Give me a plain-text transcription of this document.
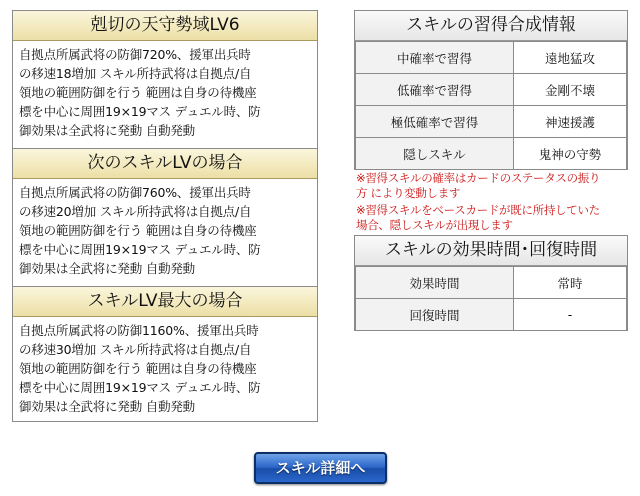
剋切の天守勢域LV6
自拠点所属武将の防御720%、援軍出兵時
の移速18増加 スキル所持武将は自拠点/自
領地の範囲防御を行う 範囲は自身の待機座
標を中心に周囲19×19マス デュエル時、防
御効果は全武将に発動 自動発動
次のスキルLVの場合
自拠点所属武将の防御760%、援軍出兵時
の移速20増加 スキル所持武将は自拠点/自
領地の範囲防御を行う 範囲は自身の待機座
標を中心に周囲19×19マス デュエル時、防
御効果は全武将に発動 自動発動
スキルLV最大の場合
自拠点所属武将の防御1160%、援軍出兵時
の移速30増加 スキル所持武将は自拠点/自
領地の範囲防御を行う 範囲は自身の待機座
標を中心に周囲19×19マス デュエル時、防
御効果は全武将に発動 自動発動
スキルの習得合成情報
中確率で習得	遠地猛攻
低確率で習得	金剛不壊
極低確率で習得	神速援護
隠しスキル	鬼神の守勢
※習得スキルの確率はカードのステータスの振り
方 により変動します
※習得スキルをベースカードが既に所持していた
場合、隠しスキルが出現します
スキルの効果時間･回復時間
効果時間	常時
回復時間	-
スキル詳細へ
